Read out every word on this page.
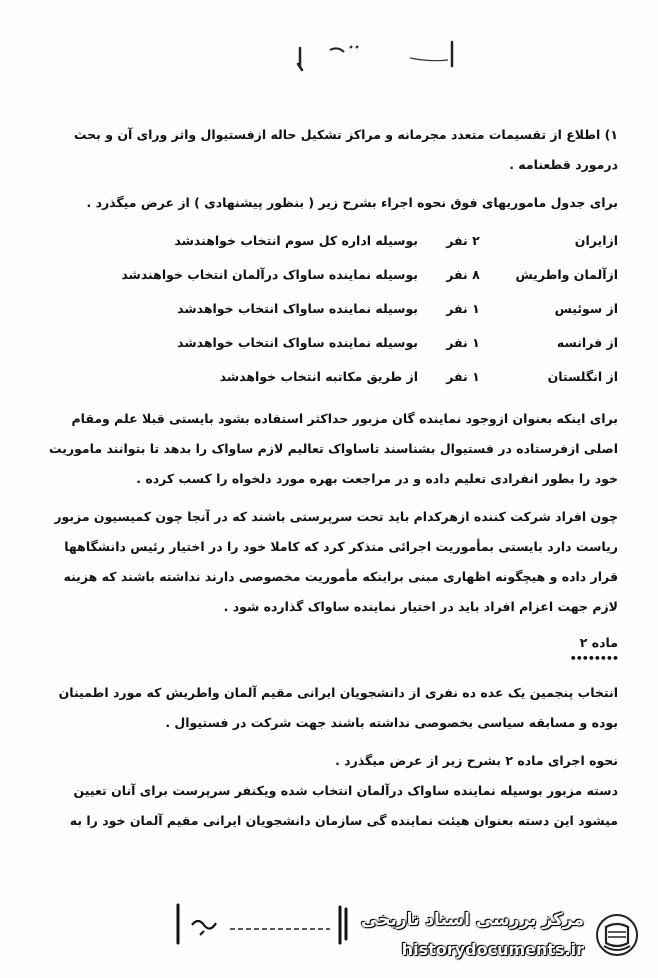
۱) اطلاع از تقسیمات متعدد مجرمانه و مراکز تشکیل حاله ازفستیوال واثر ورای آن و بحث درمورد قطعنامه .

برای جدول ماموریهای فوق نحوه اجراء بشرح زیر ( بنظور پیشنهادی ) از عرض میگذرد .

ازایران	۲ نفر	بوسیله اداره کل سوم انتخاب خواهندشد
ازآلمان واطریش	۸ نفر	بوسیله نماینده ساواک درآلمان انتخاب خواهندشد
از سوئیس	۱ نفر	بوسیله نماینده ساواک انتخاب خواهدشد
از فرانسه	۱ نفر	بوسیله نماینده ساواک انتخاب خواهدشد
از انگلستان	۱ نفر	از طریق مکاتبه انتخاب خواهدشد

برای اینکه بعنوان ازوجود نماینده گان مزبور حداکثر استفاده بشود بایستی قبلا علم ومقام اصلی ازفرستاده در فستیوال بشناسند تاساواک تعالیم لازم ساواک را بدهد تا بتوانند ماموریت خود را بطور انفرادی تعلیم داده و در مراجعت بهره مورد دلخواه را کسب کرده .

چون افراد شرکت کننده ازهرکدام باید تحت سرپرستی باشند که در آنجا چون کمیسیون مزبور ریاست دارد بایستی بمأموریت اجرائی متذکر کرد که کاملا خود را در اختیار رئیس دانشگاهها قرار داده و هیچگونه اظهاری مبنی براینکه مأموریت مخصوصی دارند نداشته باشند که هزینه لازم جهت اعزام افراد باید در اختیار نماینده ساواک گذارده شود .

ماده ۲
••••••••

انتخاب پنجمین یک عده ده نفری از دانشجویان ایرانی مقیم آلمان واطریش که مورد اطمینان بوده و مسابقه سیاسی بخصوصی نداشته باشند جهت شرکت در فستیوال .

نحوه اجرای ماده ۲ بشرح زیر از عرض میگذرد .

دسته مزبور بوسیله نماینده ساواک درآلمان انتخاب شده ویکنفر سرپرست برای آنان تعیین میشود این دسته بعنوان هیئت نماینده گی سازمان دانشجویان ایرانی مقیم آلمان خود را به

مرکز بررسی اسناد تاریخی
historydocuments.ir
